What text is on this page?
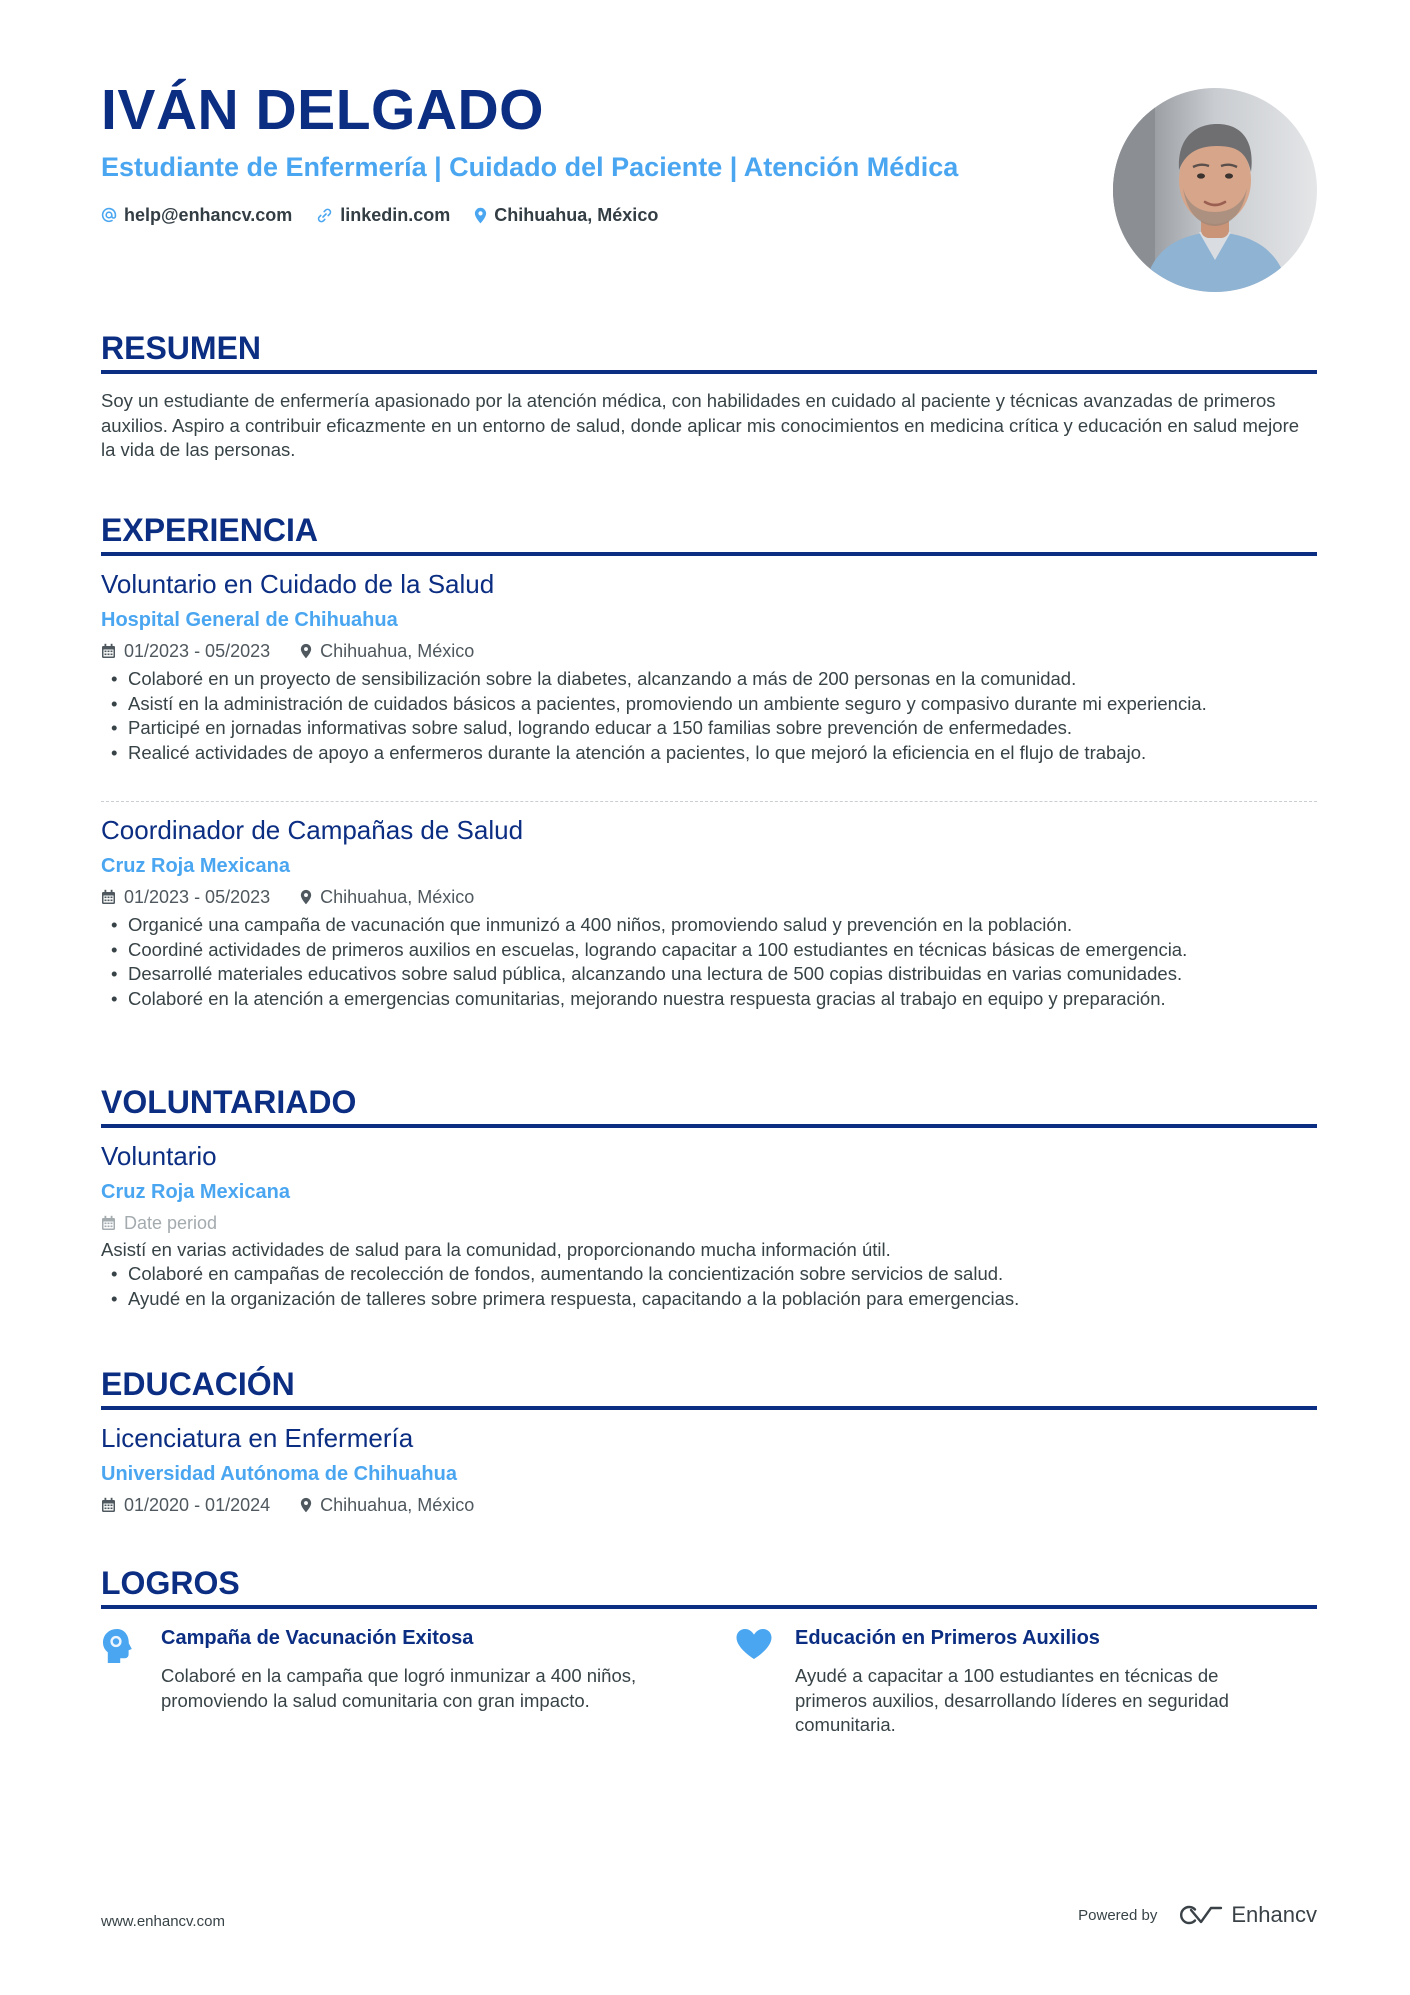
IVÁN DELGADO
Estudiante de Enfermería | Cuidado del Paciente | Atención Médica
help@enhancv.com	linkedin.com Chihuahua, México
RESUMEN
Soy un estudiante de enfermería apasionado por la atención médica, con habilidades en cuidado al paciente y técnicas avanzadas de primeros auxilios. Aspiro a contribuir eficazmente en un entorno de salud, donde aplicar mis conocimientos en medicina crítica y educación en salud mejore la vida de las personas.
EXPERIENCIA
Voluntario en Cuidado de la Salud
Hospital General de Chihuahua
01/2023 - 05/2023	Chihuahua, México
• Colaboré en un proyecto de sensibilización sobre la diabetes, alcanzando a más de 200 personas en la comunidad.
• Asistí en la administración de cuidados básicos a pacientes, promoviendo un ambiente seguro y compasivo durante mi experiencia.
• Participé en jornadas informativas sobre salud, logrando educar a 150 familias sobre prevención de enfermedades.
• Realicé actividades de apoyo a enfermeros durante la atención a pacientes, lo que mejoró la eficiencia en el flujo de trabajo.
Coordinador de Campañas de Salud
Cruz Roja Mexicana
01/2023 - 05/2023	Chihuahua, México
• Organicé una campaña de vacunación que inmunizó a 400 niños, promoviendo salud y prevención en la población.
• Coordiné actividades de primeros auxilios en escuelas, logrando capacitar a 100 estudiantes en técnicas básicas de emergencia.
• Desarrollé materiales educativos sobre salud pública, alcanzando una lectura de 500 copias distribuidas en varias comunidades.
• Colaboré en la atención a emergencias comunitarias, mejorando nuestra respuesta gracias al trabajo en equipo y preparación.
VOLUNTARIADO
Voluntario
Cruz Roja Mexicana
Date period
Asistí en varias actividades de salud para la comunidad, proporcionando mucha información útil.
• Colaboré en campañas de recolección de fondos, aumentando la concientización sobre servicios de salud.
• Ayudé en la organización de talleres sobre primera respuesta, capacitando a la población para emergencias.
EDUCACIÓN
Licenciatura en Enfermería
Universidad Autónoma de Chihuahua
01/2020 - 01/2024	Chihuahua, México
LOGROS
Campaña de Vacunación Exitosa
Colaboré en la campaña que logró inmunizar a 400 niños, promoviendo la salud comunitaria con gran impacto.
Educación en Primeros Auxilios
Ayudé a capacitar a 100 estudiantes en técnicas de primeros auxilios, desarrollando líderes en seguridad comunitaria.
www.enhancv.com	Powered by	Enhancv
